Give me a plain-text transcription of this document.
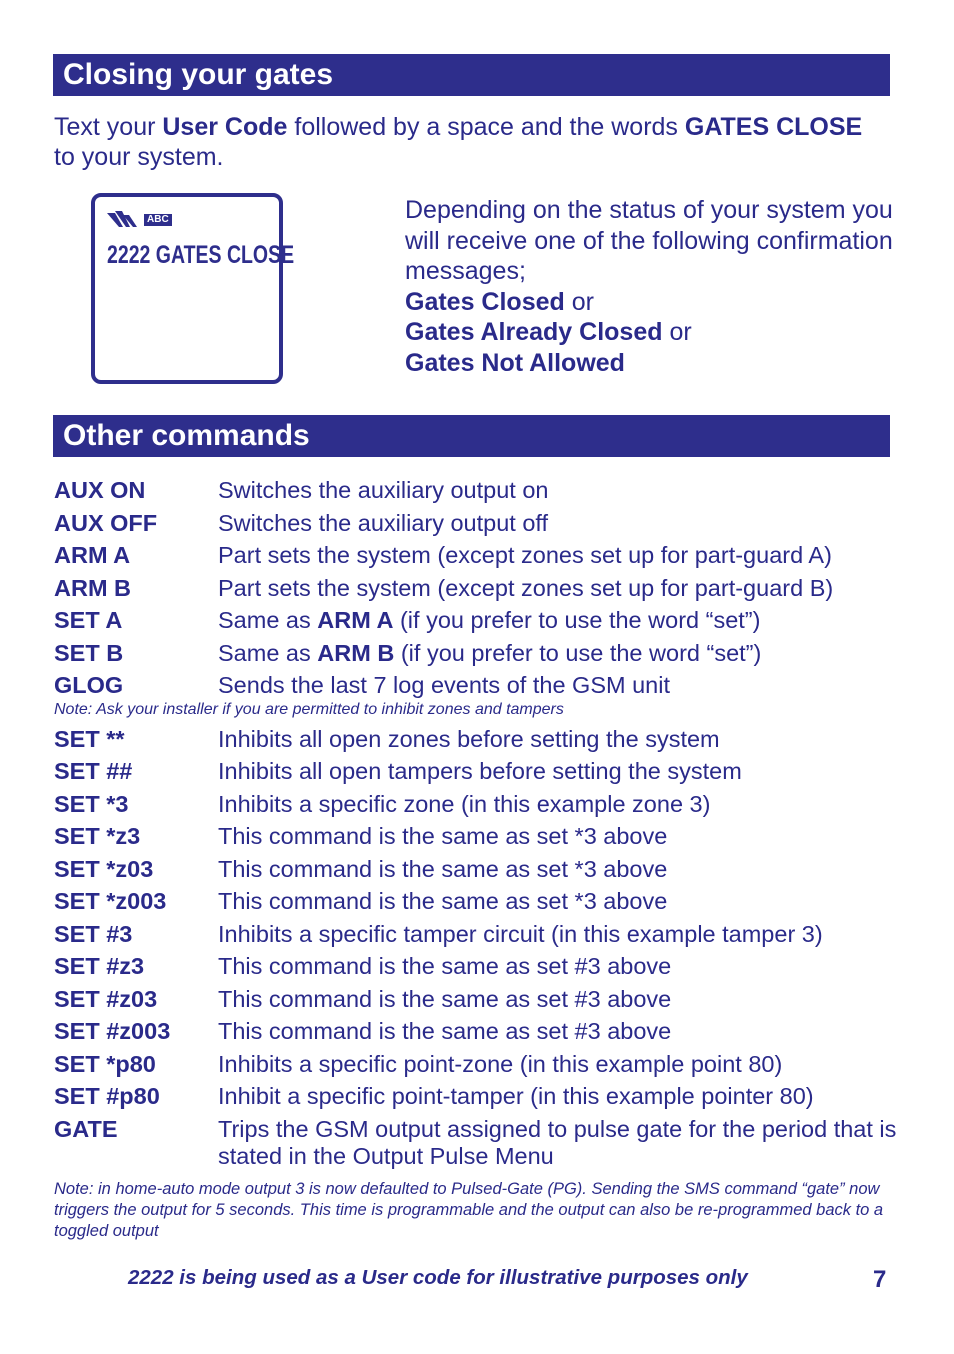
Closing your gates
Text your User Code followed by a space and the words GATES CLOSE to your system.
ABC
2222 GATES CLOSE
Depending on the status of your system you will receive one of the following confirmation messages;
Gates Closed or
Gates Already Closed or
Gates Not Allowed
Other commands
AUX ON	Switches the auxiliary output on
AUX OFF	Switches the auxiliary output off
ARM A	Part sets the system (except zones set up for part-guard A)
ARM B	Part sets the system (except zones set up for part-guard B)
SET A	Same as ARM A (if you prefer to use the word “set”)
SET B	Same as ARM B (if you prefer to use the word “set”)
GLOG	Sends the last 7 log events of the GSM unit
Note: Ask your installer if you are permitted to inhibit zones and tampers
SET **	Inhibits all open zones before setting the system
SET ##	Inhibits all open tampers before setting the system
SET *3	Inhibits a specific zone (in this example zone 3)
SET *z3	This command is the same as set *3 above
SET *z03	This command is the same as set *3 above
SET *z003	This command is the same as set *3 above
SET #3	Inhibits a specific tamper circuit (in this example tamper 3)
SET #z3	This command is the same as set #3 above
SET #z03	This command is the same as set #3 above
SET #z003	This command is the same as set #3 above
SET *p80	Inhibits a specific point-zone (in this example point 80)
SET #p80	Inhibit a specific point-tamper (in this example pointer 80)
GATE	Trips the GSM output assigned to pulse gate for the period that is stated in the Output Pulse Menu
Note: in home-auto mode output 3 is now defaulted to Pulsed-Gate (PG). Sending the SMS command “gate” now triggers the output for 5 seconds. This time is programmable and the output can also be re-programmed back to a toggled output
2222 is being used as a User code for illustrative purposes only	7
